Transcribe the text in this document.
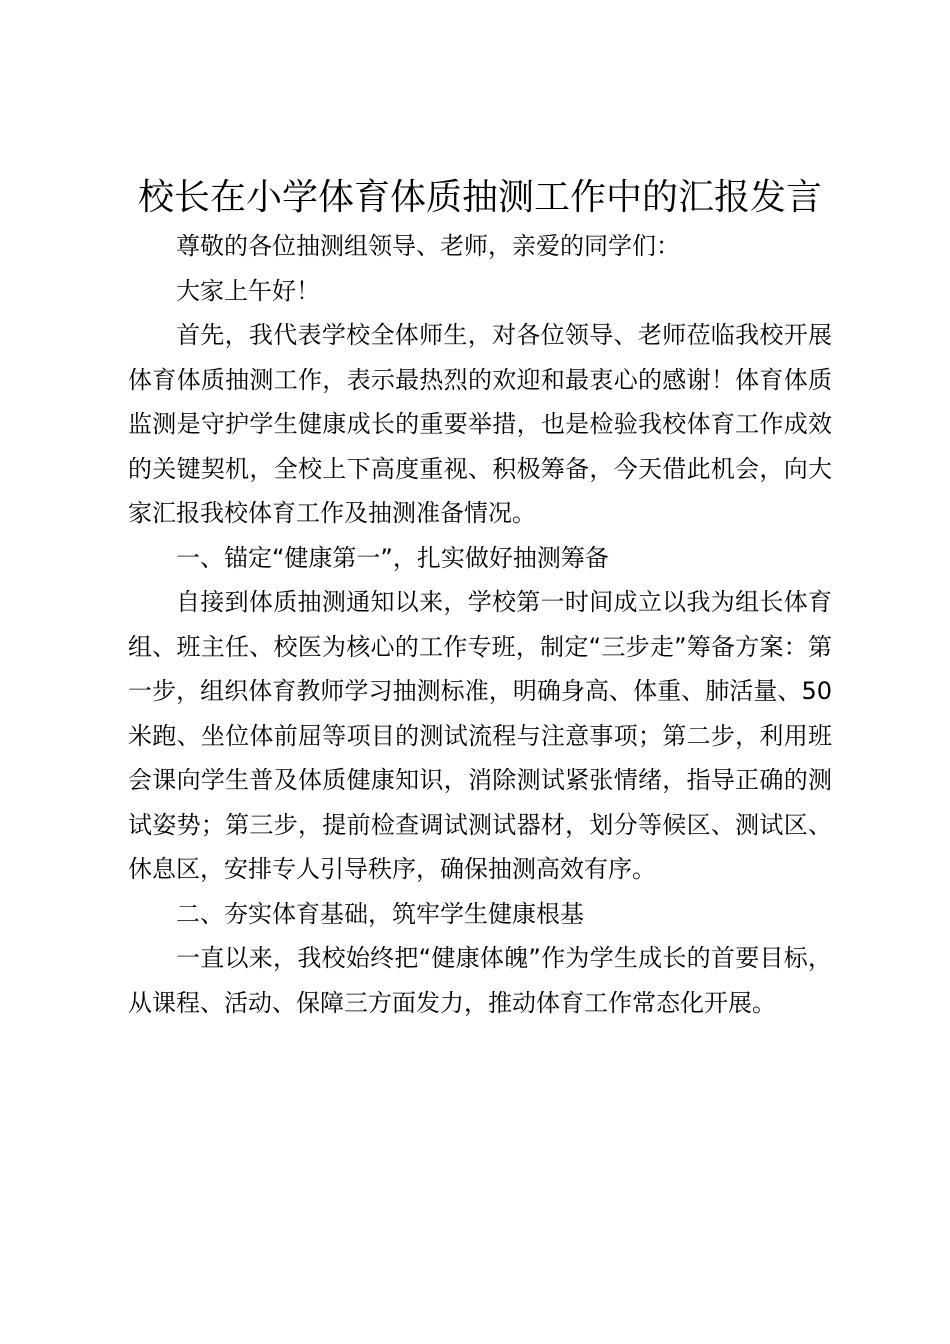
校长在小学体育体质抽测工作中的汇报发言

尊敬的各位抽测组领导、老师，亲爱的同学们：

大家上午好！

首先，我代表学校全体师生，对各位领导、老师莅临我校开展体育体质抽测工作，表示最热烈的欢迎和最衷心的感谢！体育体质监测是守护学生健康成长的重要举措，也是检验我校体育工作成效的关键契机，全校上下高度重视、积极筹备，今天借此机会，向大家汇报我校体育工作及抽测准备情况。

一、锚定“健康第一”，扎实做好抽测筹备

自接到体质抽测通知以来，学校第一时间成立以我为组长体育组、班主任、校医为核心的工作专班，制定“三步走”筹备方案：第一步，组织体育教师学习抽测标准，明确身高、体重、肺活量、50米跑、坐位体前屈等项目的测试流程与注意事项；第二步，利用班会课向学生普及体质健康知识，消除测试紧张情绪，指导正确的测试姿势；第三步，提前检查调试测试器材，划分等候区、测试区、休息区，安排专人引导秩序，确保抽测高效有序。

二、夯实体育基础，筑牢学生健康根基

一直以来，我校始终把“健康体魄”作为学生成长的首要目标，从课程、活动、保障三方面发力，推动体育工作常态化开展。
